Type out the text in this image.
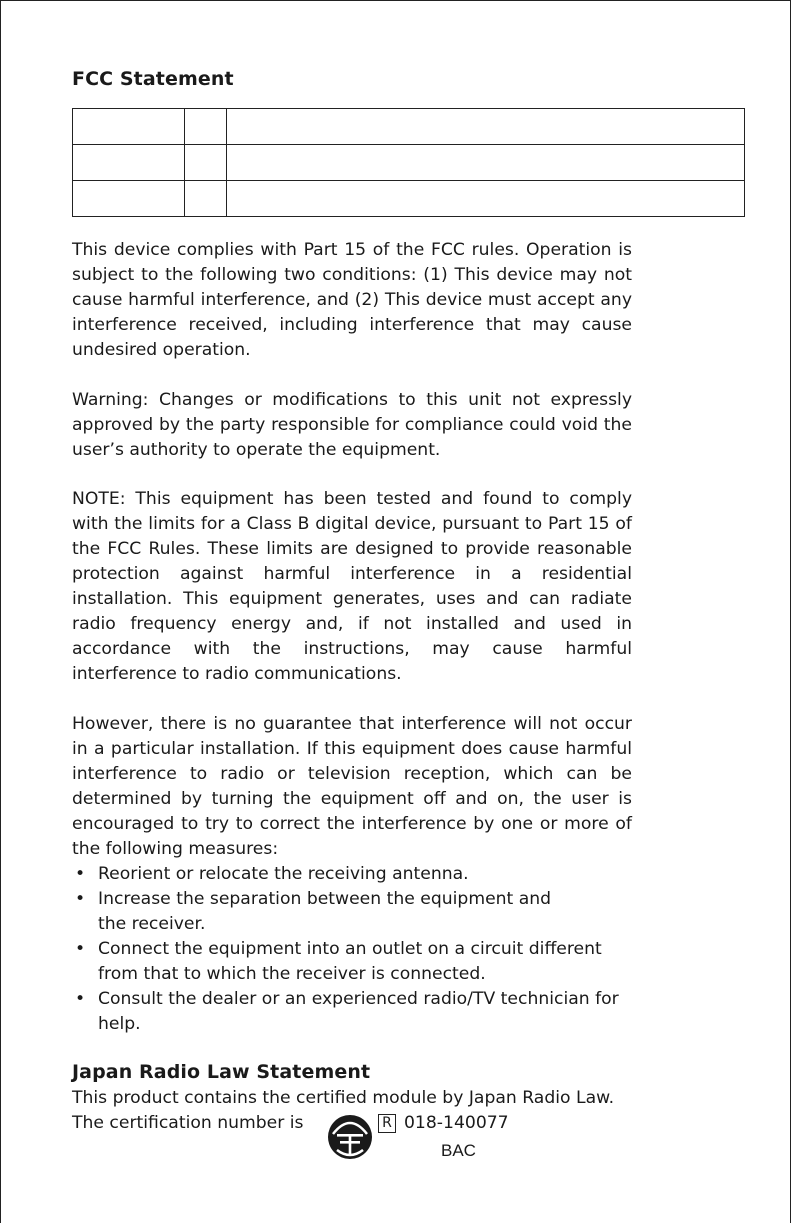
FCC Statement

This device complies with Part 15 of the FCC rules. Operation is subject to the following two conditions: (1) This device may not cause harmful interference, and (2) This device must accept any interference received, including interference that may cause undesired operation.

Warning: Changes or modifications to this unit not expressly approved by the party responsible for compliance could void the user’s authority to operate the equipment.

NOTE: This equipment has been tested and found to comply with the limits for a Class B digital device, pursuant to Part 15 of the FCC Rules. These limits are designed to provide reasonable protection against harmful interference in a residential installation. This equipment generates, uses and can radiate radio frequency energy and, if not installed and used in accordance with the instructions, may cause harmful interference to radio communications.

However, there is no guarantee that interference will not occur in a particular installation. If this equipment does cause harmful interference to radio or television reception, which can be determined by turning the equipment off and on, the user is encouraged to try to correct the interference by one or more of the following measures:

• Reorient or relocate the receiving antenna.
• Increase the separation between the equipment and the receiver.
• Connect the equipment into an outlet on a circuit different from that to which the receiver is connected.
• Consult the dealer or an experienced radio/TV technician for help.
Japan Radio Law Statement
This product contains the certified module by Japan Radio Law.
The certification number is	R 018-140077
BAC
